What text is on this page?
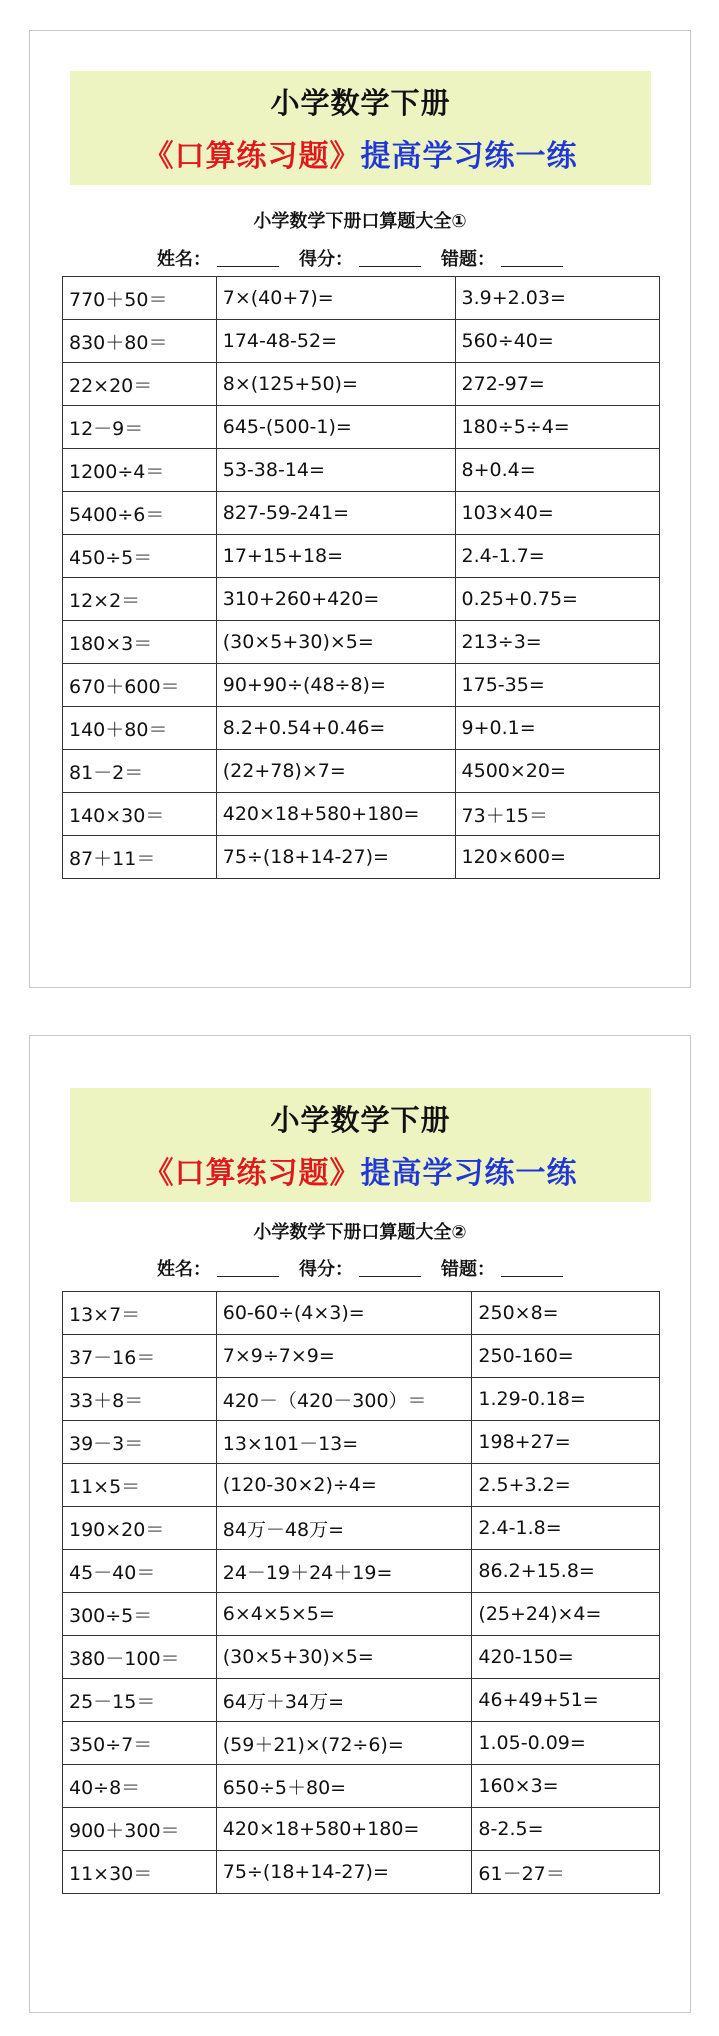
小学数学下册
《口算练习题》提高学习练一练
小学数学下册口算题大全①
姓名：	得分：	错题：
770＋50＝	7×(40+7)=	3.9+2.03=
830＋80＝	174-48-52=	560÷40=
22×20＝	8×(125+50)=	272-97=
12－9＝	645-(500-1)=	180÷5÷4=
1200÷4＝	53-38-14=	8+0.4=
5400÷6＝	827-59-241=	103×40=
450÷5＝	17+15+18=	2.4-1.7=
12×2＝	310+260+420=	0.25+0.75=
180×3＝	(30×5+30)×5=	213÷3=
670＋600＝	90+90÷(48÷8)=	175-35=
140＋80＝	8.2+0.54+0.46=	9+0.1=
81－2＝	(22+78)×7=	4500×20=
140×30＝	420×18+580+180=	73＋15＝
87＋11＝	75÷(18+14-27)=	120×600=
小学数学下册
《口算练习题》提高学习练一练
小学数学下册口算题大全②
姓名：	得分：	错题：
13×7＝	60-60÷(4×3)=	250×8=
37－16＝	7×9÷7×9=	250-160=
33＋8＝	420－（420－300）＝	1.29-0.18=
39－3＝	13×101－13=	198+27=
11×5＝	(120-30×2)÷4=	2.5+3.2=
190×20＝	84万－48万=	2.4-1.8=
45－40＝	24－19＋24＋19=	86.2+15.8=
300÷5＝	6×4×5×5=	(25+24)×4=
380－100＝	(30×5+30)×5=	420-150=
25－15＝	64万＋34万=	46+49+51=
350÷7＝	(59＋21)×(72÷6)=	1.05-0.09=
40÷8＝	650÷5＋80=	160×3=
900＋300＝	420×18+580+180=	8-2.5=
11×30＝	75÷(18+14-27)=	61－27＝
